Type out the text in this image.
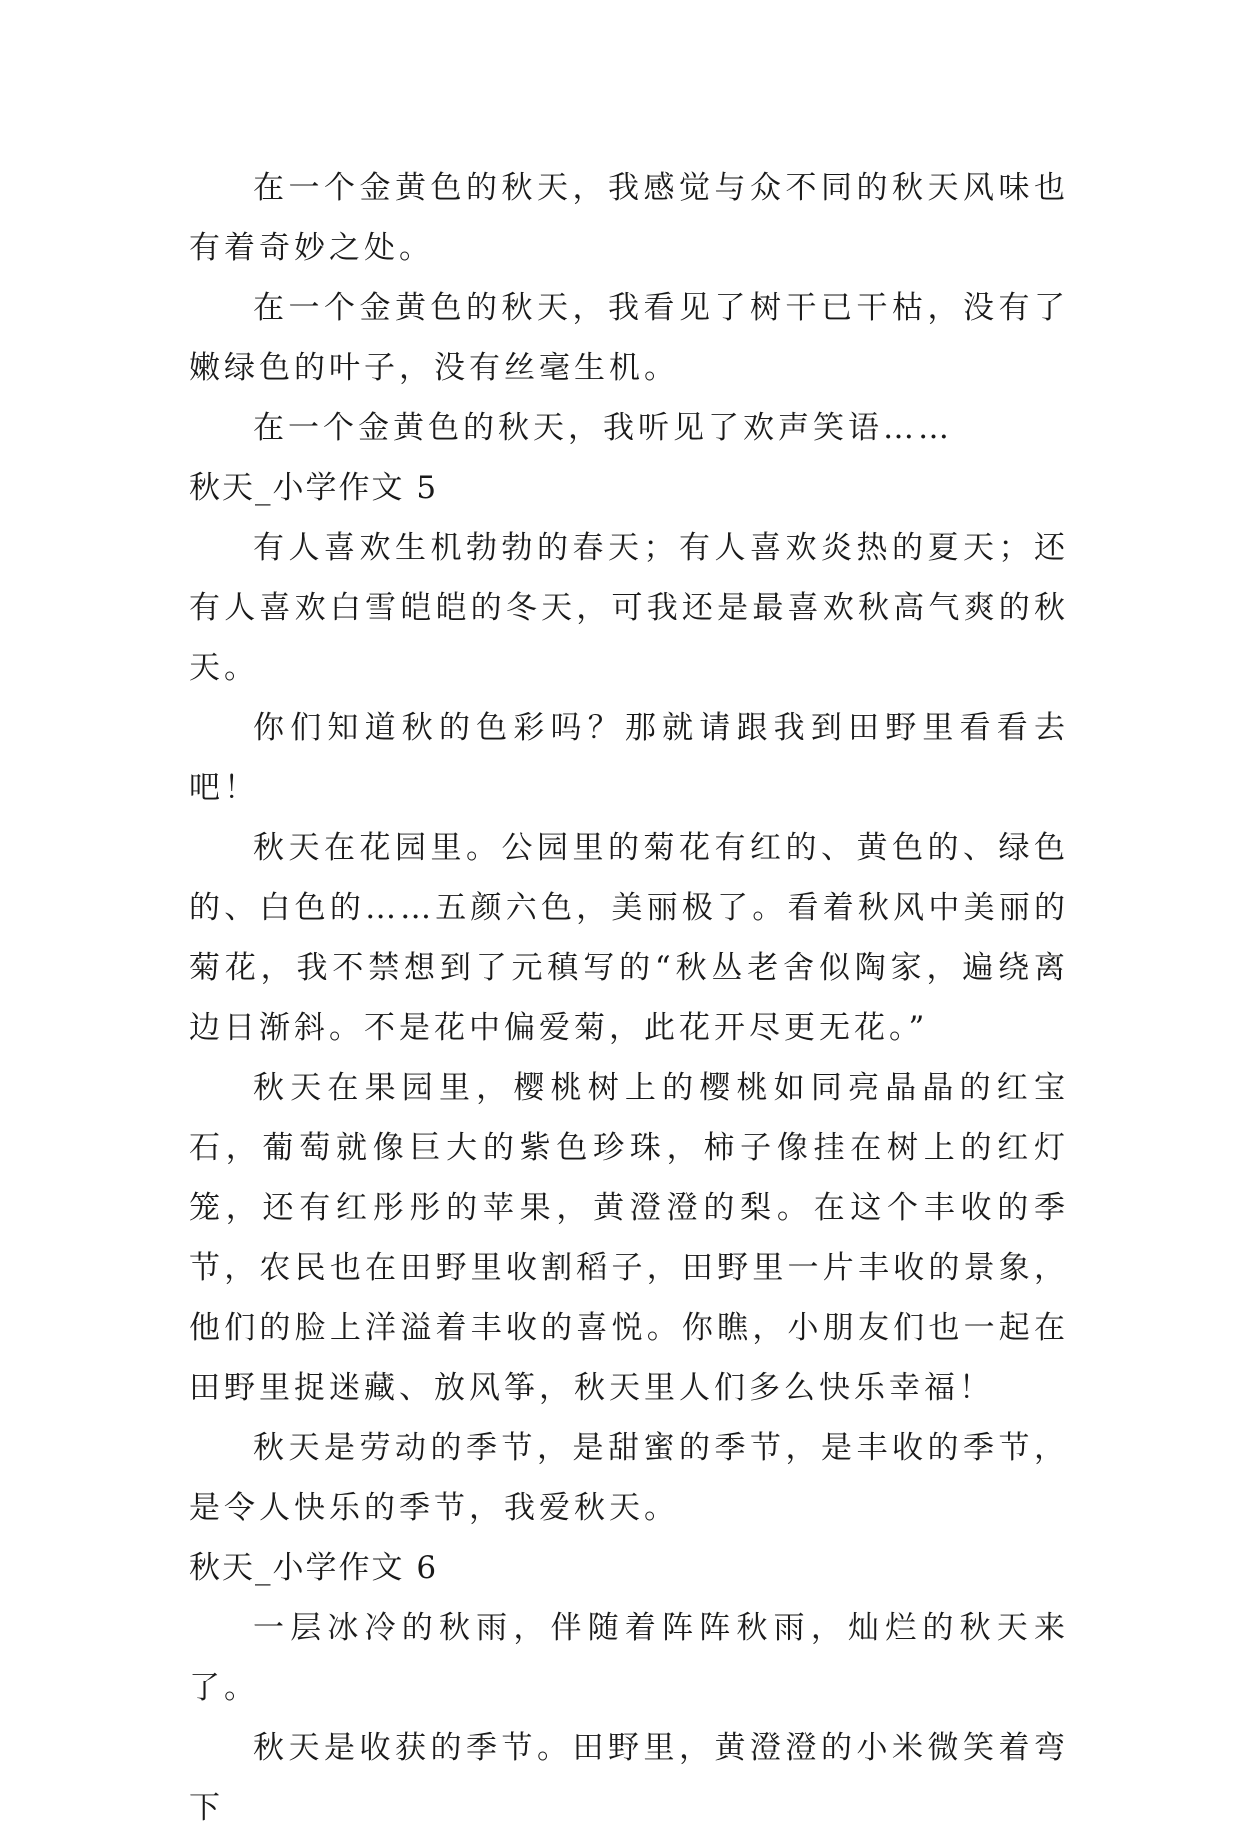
在一个金黄色的秋天，我感觉与众不同的秋天风味也有着奇妙之处。

在一个金黄色的秋天，我看见了树干已干枯，没有了嫩绿色的叶子，没有丝毫生机。

在一个金黄色的秋天，我听见了欢声笑语……

秋天_小学作文 5

有人喜欢生机勃勃的春天；有人喜欢炎热的夏天；还有人喜欢白雪皑皑的冬天，可我还是最喜欢秋高气爽的秋天。

你们知道秋的色彩吗？那就请跟我到田野里看看去吧！

秋天在花园里。公园里的菊花有红的、黄色的、绿色的、白色的……五颜六色，美丽极了。看着秋风中美丽的菊花，我不禁想到了元稹写的“秋丛老舍似陶家，遍绕离边日渐斜。不是花中偏爱菊，此花开尽更无花。”

秋天在果园里，樱桃树上的樱桃如同亮晶晶的红宝石，葡萄就像巨大的紫色珍珠，柿子像挂在树上的红灯笼，还有红彤彤的苹果，黄澄澄的梨。在这个丰收的季节，农民也在田野里收割稻子，田野里一片丰收的景象，他们的脸上洋溢着丰收的喜悦。你瞧，小朋友们也一起在田野里捉迷藏、放风筝，秋天里人们多么快乐幸福！

秋天是劳动的季节，是甜蜜的季节，是丰收的季节，是令人快乐的季节，我爱秋天。

秋天_小学作文 6

一层冰冷的秋雨，伴随着阵阵秋雨，灿烂的秋天来了。

秋天是收获的季节。田野里，黄澄澄的小米微笑着弯下
